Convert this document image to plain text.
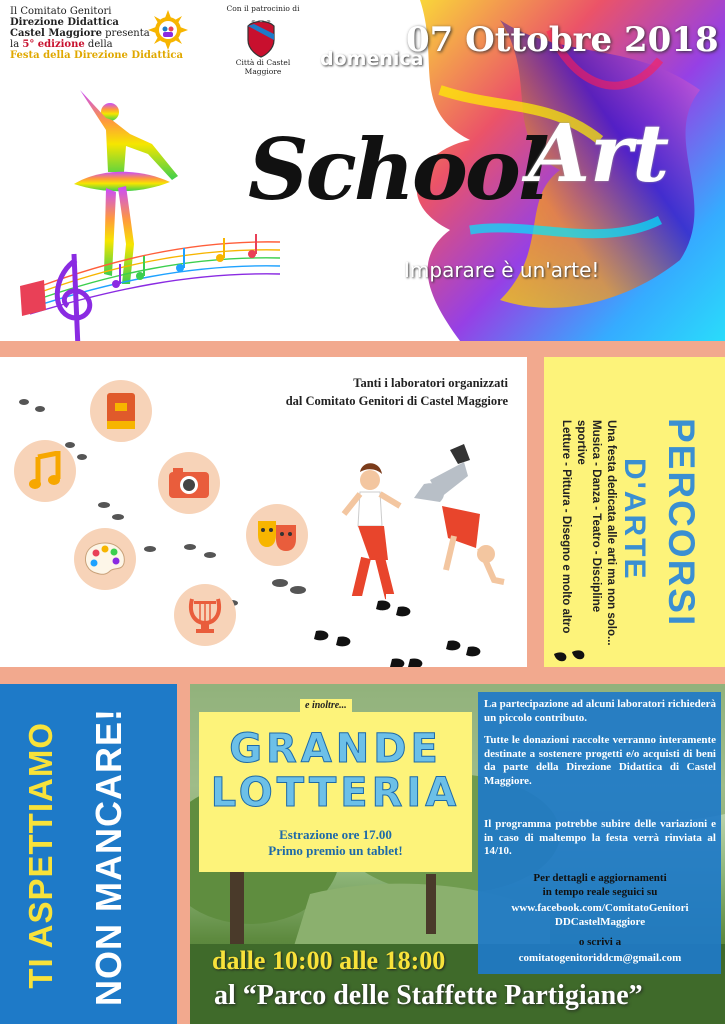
Il Comitato Genitori
Direzione Didattica
Castel Maggiore presenta
la 5° edizione della
Festa della Direzione Didattica
Con il patrocinio di
Città di Castel Maggiore
domenica
07 Ottobre 2018
School
Art
Imparare è un'arte!
Tanti i laboratori organizzati
dal Comitato Genitori di Castel Maggiore
PERCORSI
D'ARTE
Una festa dedicata alle arti ma non solo...
Musica - Danza - Teatro - Discipline sportive
Letture - Pittura - Disegno e molto altro
TI ASPETTIAMO NON MANCARE!
e inoltre...
GRANDE
LOTTERIA
Estrazione ore 17.00
Primo premio un tablet!
La partecipazione ad alcuni laboratori richiederà un piccolo contributo.
Tutte le donazioni raccolte verranno interamente destinate a sostenere progetti e/o acquisti di beni da parte della Direzione Didattica di Castel Maggiore.
Il programma potrebbe subire delle variazioni e in caso di maltempo la festa verrà rinviata al 14/10.
Per dettagli e aggiornamenti
in tempo reale seguici su
www.facebook.com/ComitatoGenitori
DDCastelMaggiore
o scrivi a
comitatogenitoriddcm@gmail.com
dalle 10:00 alle 18:00
al “Parco delle Staffette Partigiane”
